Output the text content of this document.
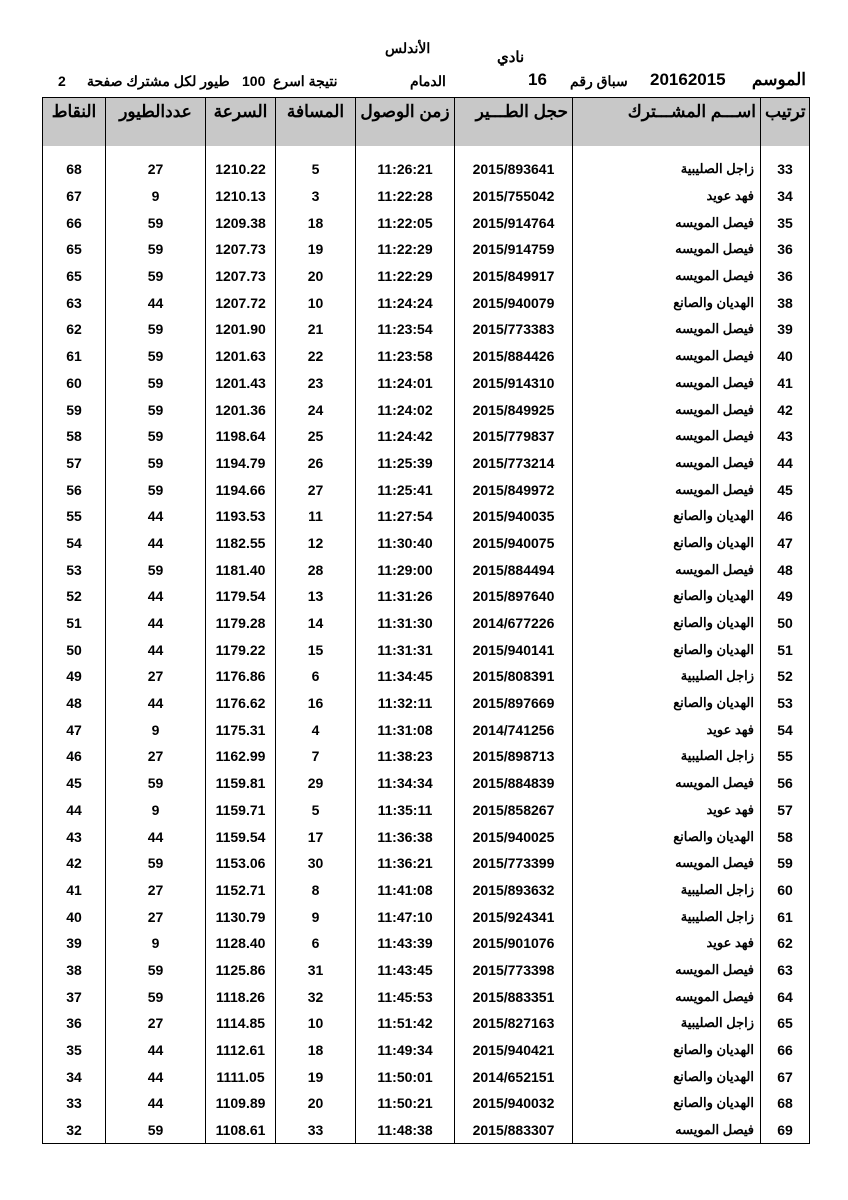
نادي
الأندلس
الموسم
20162015
سباق رقم
16
الدمام
نتيجة اسرع
100
طيور لكل مشترك صفحة
2
النقاط	عددالطيور	السرعة	المسافة	زمن الوصول	حجل الطـــير	اســـم المشـــترك	ترتيب

68	27	1210.22	5	11:26:21	2015/893641	زاجل الصليبية	33
67	9	1210.13	3	11:22:28	2015/755042	فهد عويد	34
66	59	1209.38	18	11:22:05	2015/914764	فيصل المويسه	35
65	59	1207.73	19	11:22:29	2015/914759	فيصل المويسه	36
65	59	1207.73	20	11:22:29	2015/849917	فيصل المويسه	36
63	44	1207.72	10	11:24:24	2015/940079	الهديان والصانع	38
62	59	1201.90	21	11:23:54	2015/773383	فيصل المويسه	39
61	59	1201.63	22	11:23:58	2015/884426	فيصل المويسه	40
60	59	1201.43	23	11:24:01	2015/914310	فيصل المويسه	41
59	59	1201.36	24	11:24:02	2015/849925	فيصل المويسه	42
58	59	1198.64	25	11:24:42	2015/779837	فيصل المويسه	43
57	59	1194.79	26	11:25:39	2015/773214	فيصل المويسه	44
56	59	1194.66	27	11:25:41	2015/849972	فيصل المويسه	45
55	44	1193.53	11	11:27:54	2015/940035	الهديان والصانع	46
54	44	1182.55	12	11:30:40	2015/940075	الهديان والصانع	47
53	59	1181.40	28	11:29:00	2015/884494	فيصل المويسه	48
52	44	1179.54	13	11:31:26	2015/897640	الهديان والصانع	49
51	44	1179.28	14	11:31:30	2014/677226	الهديان والصانع	50
50	44	1179.22	15	11:31:31	2015/940141	الهديان والصانع	51
49	27	1176.86	6	11:34:45	2015/808391	زاجل الصليبية	52
48	44	1176.62	16	11:32:11	2015/897669	الهديان والصانع	53
47	9	1175.31	4	11:31:08	2014/741256	فهد عويد	54
46	27	1162.99	7	11:38:23	2015/898713	زاجل الصليبية	55
45	59	1159.81	29	11:34:34	2015/884839	فيصل المويسه	56
44	9	1159.71	5	11:35:11	2015/858267	فهد عويد	57
43	44	1159.54	17	11:36:38	2015/940025	الهديان والصانع	58
42	59	1153.06	30	11:36:21	2015/773399	فيصل المويسه	59
41	27	1152.71	8	11:41:08	2015/893632	زاجل الصليبية	60
40	27	1130.79	9	11:47:10	2015/924341	زاجل الصليبية	61
39	9	1128.40	6	11:43:39	2015/901076	فهد عويد	62
38	59	1125.86	31	11:43:45	2015/773398	فيصل المويسه	63
37	59	1118.26	32	11:45:53	2015/883351	فيصل المويسه	64
36	27	1114.85	10	11:51:42	2015/827163	زاجل الصليبية	65
35	44	1112.61	18	11:49:34	2015/940421	الهديان والصانع	66
34	44	1111.05	19	11:50:01	2014/652151	الهديان والصانع	67
33	44	1109.89	20	11:50:21	2015/940032	الهديان والصانع	68
32	59	1108.61	33	11:48:38	2015/883307	فيصل المويسه	69
